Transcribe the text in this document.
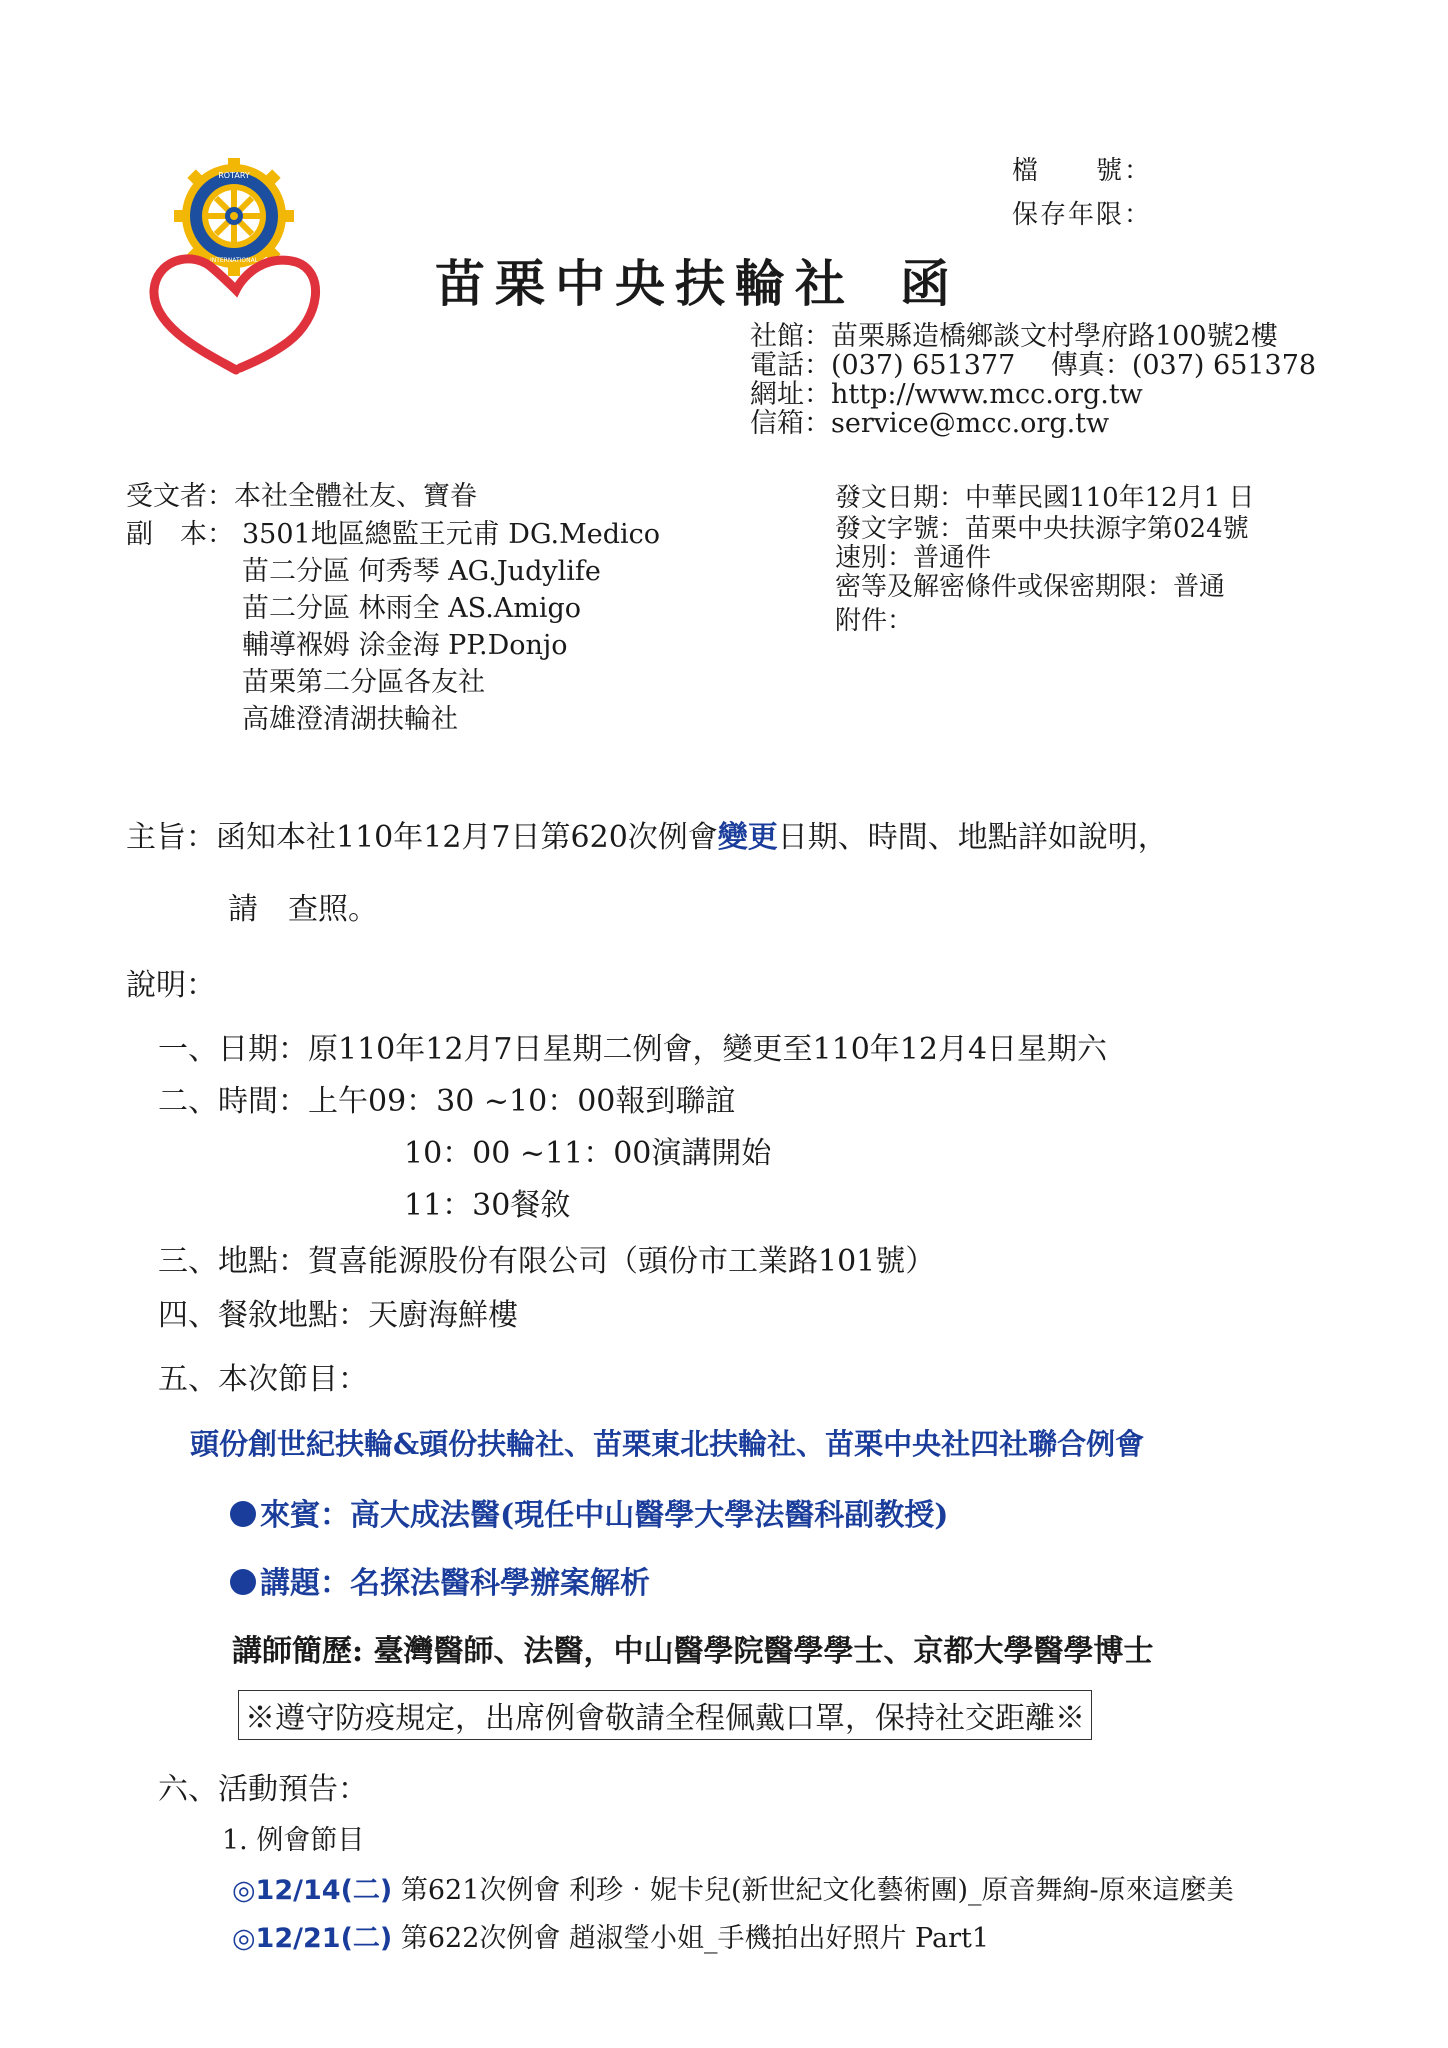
ROTARY
INTERNATIONAL
檔　　號：
保存年限：
苗栗中央扶輪社 函
社館：苗栗縣造橋鄉談文村學府路100號2樓
電話：(037) 651377　 傳真：(037) 651378
網址：http://www.mcc.org.tw
信箱：service@mcc.org.tw
受文者：本社全體社友、寶眷
副　本： 3501地區總監王元甫 DG.Medico
苗二分區 何秀琴 AG.Judylife
苗二分區 林雨全 AS.Amigo
輔導褓姆 涂金海 PP.Donjo
苗栗第二分區各友社
高雄澄清湖扶輪社
發文日期：中華民國110年12月1 日
發文字號：苗栗中央扶源字第024號
速別：普通件
密等及解密條件或保密期限：普通
附件：
主旨：函知本社110年12月7日第620次例會變更日期、時間、地點詳如說明，
請　查照。
說明：
一、日期：原110年12月7日星期二例會，變更至110年12月4日星期六
二、時間：上午09：30 ~10：00報到聯誼
10：00 ~11：00演講開始
11：30餐敘
三、地點：賀喜能源股份有限公司（頭份市工業路101號）
四、餐敘地點：天廚海鮮樓
五、本次節目：
頭份創世紀扶輪&頭份扶輪社、苗栗東北扶輪社、苗栗中央社四社聯合例會
來賓：高大成法醫(現任中山醫學大學法醫科副教授)
講題：名探法醫科學辦案解析
講師簡歷: 臺灣醫師、法醫，中山醫學院醫學學士、京都大學醫學博士
※遵守防疫規定，出席例會敬請全程佩戴口罩，保持社交距離※
六、活動預告：
1. 例會節目
◎12/14(二) 第621次例會 利珍‧妮卡兒(新世紀文化藝術團)_原音舞絢-原來這麼美
◎12/21(二) 第622次例會 趙淑瑩小姐_手機拍出好照片 Part1
